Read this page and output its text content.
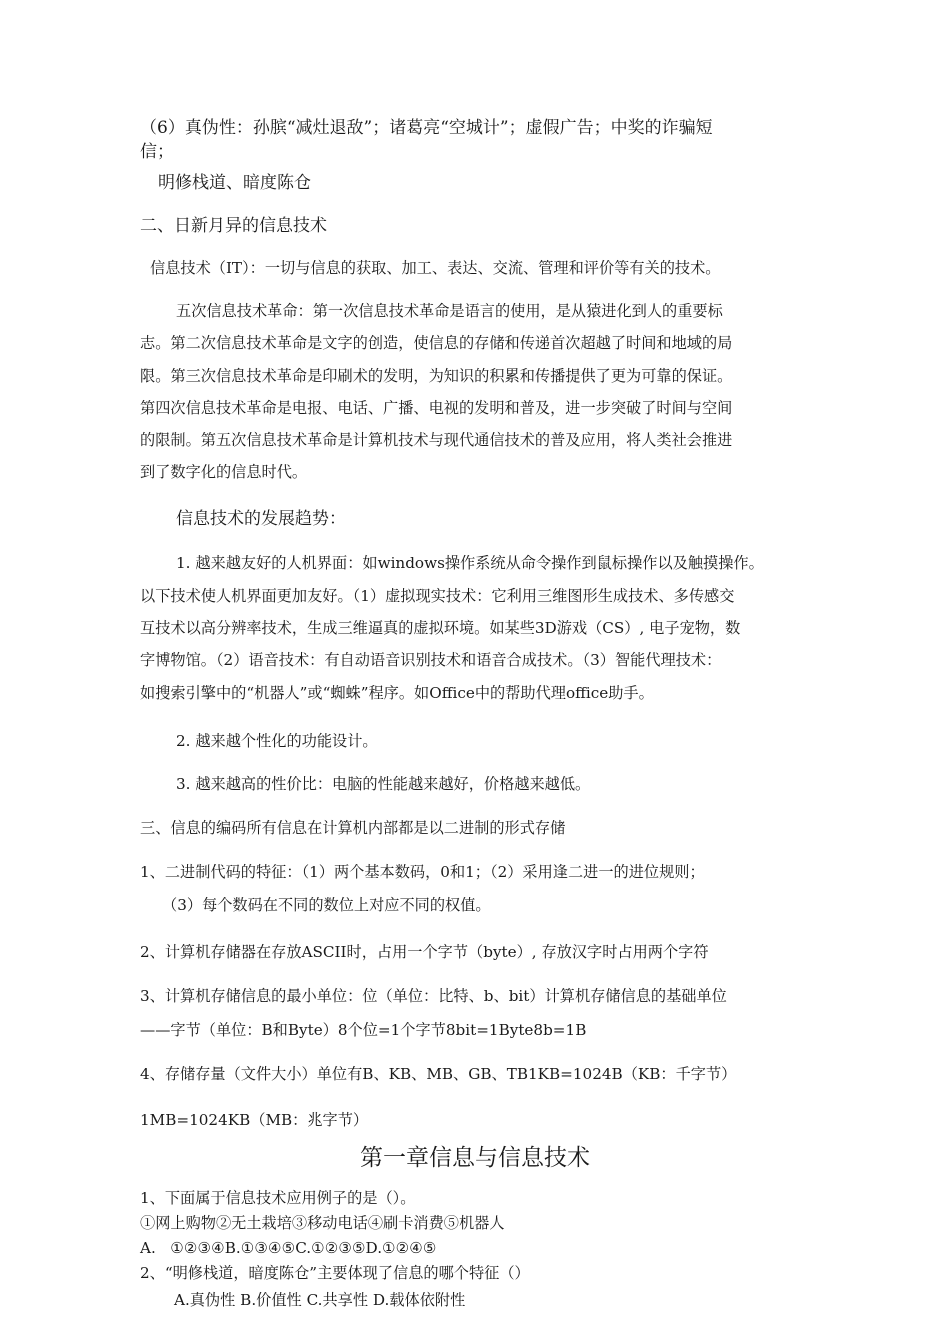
（6）真伪性：孙膑“减灶退敌”；诸葛亮“空城计”；虚假广告；中奖的诈骗短
信；
明修栈道、暗度陈仓
二、日新月异的信息技术
信息技术（IT）：一切与信息的获取、加工、表达、交流、管理和评价等有关的技术。
五次信息技术革命：第一次信息技术革命是语言的使用，是从猿进化到人的重要标
志。第二次信息技术革命是文字的创造，使信息的存储和传递首次超越了时间和地域的局
限。第三次信息技术革命是印刷术的发明，为知识的积累和传播提供了更为可靠的保证。
第四次信息技术革命是电报、电话、广播、电视的发明和普及，进一步突破了时间与空间
的限制。第五次信息技术革命是计算机技术与现代通信技术的普及应用，将人类社会推进
到了数字化的信息时代。
信息技术的发展趋势：
1. 越来越友好的人机界面：如windows操作系统从命令操作到鼠标操作以及触摸操作。
以下技术使人机界面更加友好。（1）虚拟现实技术：它利用三维图形生成技术、多传感交
互技术以高分辨率技术，生成三维逼真的虚拟环境。如某些3D游戏（CS）, 电子宠物，数
字博物馆。（2）语音技术：有自动语音识别技术和语音合成技术。（3）智能代理技术：
如搜索引擎中的“机器人”或“蜘蛛”程序。如Office中的帮助代理office助手。
2. 越来越个性化的功能设计。
3. 越来越高的性价比：电脑的性能越来越好，价格越来越低。
三、信息的编码所有信息在计算机内部都是以二进制的形式存储
1、二进制代码的特征：（1）两个基本数码，0和1；（2）采用逢二进一的进位规则；
（3）每个数码在不同的数位上对应不同的权值。
2、计算机存储器在存放ASCII时，占用一个字节（byte）, 存放汉字时占用两个字符
3、计算机存储信息的最小单位：位（单位：比特、b、bit）计算机存储信息的基础单位
——字节（单位：B和Byte）8个位=1个字节8bit=1Byte8b=1B
4、存储存量（文件大小）单位有B、KB、MB、GB、TB1KB=1024B（KB：千字节）
1MB=1024KB（MB：兆字节）
第一章信息与信息技术
1、下面属于信息技术应用例子的是（）。
①网上购物②无土栽培③移动电话④刷卡消费⑤机器人
A.   ①②③④B.①③④⑤C.①②③⑤D.①②④⑤
2、“明修栈道，暗度陈仓”主要体现了信息的哪个特征（）
A.真伪性 B.价值性 C.共享性 D.载体依附性
